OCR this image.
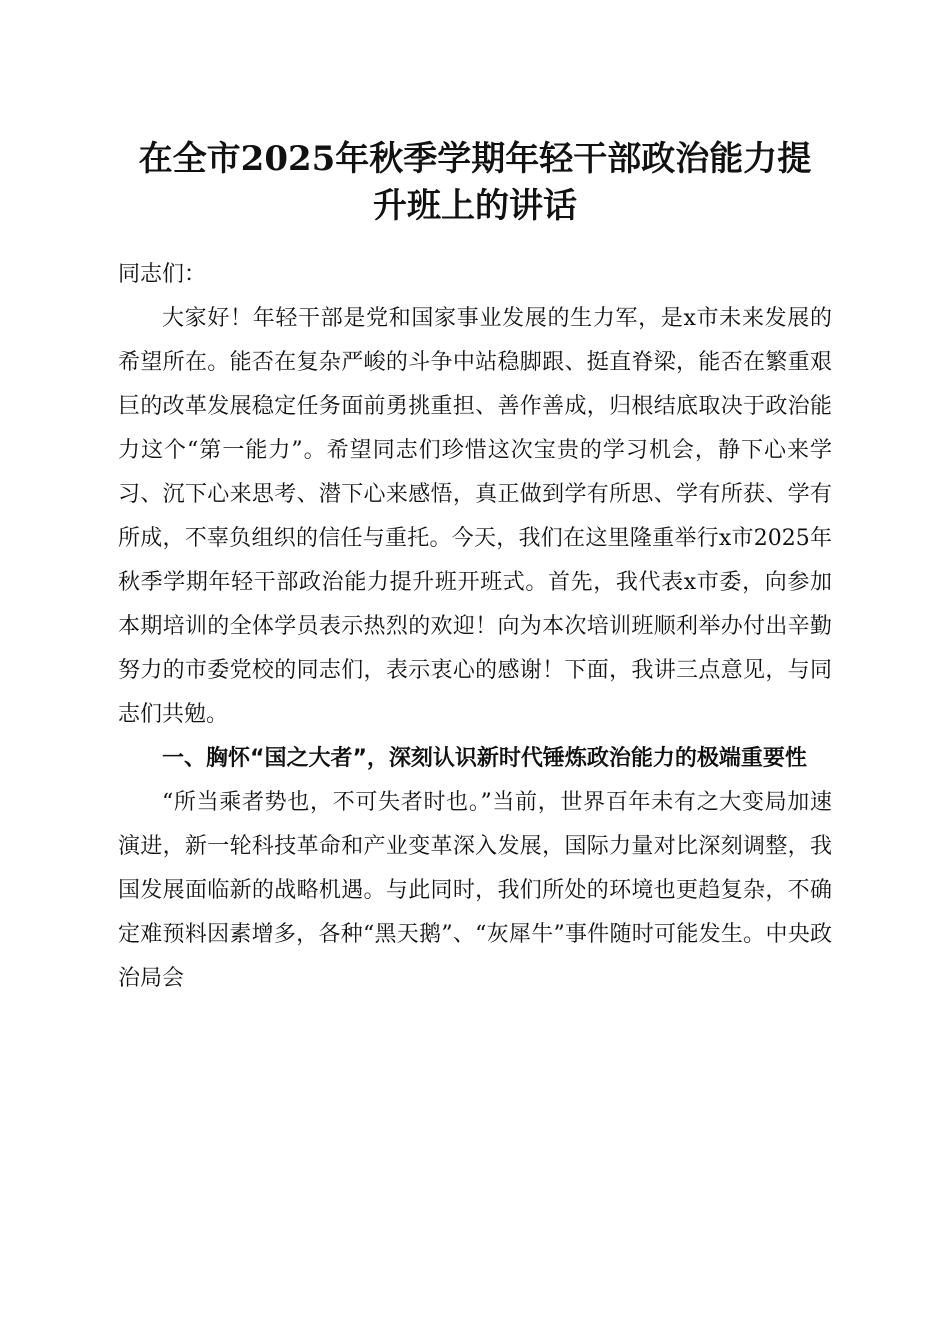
在全市2025年秋季学期年轻干部政治能力提
升班上的讲话

同志们：

大家好！年轻干部是党和国家事业发展的生力军，是x市未来发展的希望所在。能否在复杂严峻的斗争中站稳脚跟、挺直脊梁，能否在繁重艰巨的改革发展稳定任务面前勇挑重担、善作善成，归根结底取决于政治能力这个“第一能力”。希望同志们珍惜这次宝贵的学习机会，静下心来学习、沉下心来思考、潜下心来感悟，真正做到学有所思、学有所获、学有所成，不辜负组织的信任与重托。今天，我们在这里隆重举行x市2025年秋季学期年轻干部政治能力提升班开班式。首先，我代表x市委，向参加本期培训的全体学员表示热烈的欢迎！向为本次培训班顺利举办付出辛勤努力的市委党校的同志们，表示衷心的感谢！下面，我讲三点意见，与同志们共勉。

一、胸怀“国之大者”，深刻认识新时代锤炼政治能力的极端重要性

“所当乘者势也，不可失者时也。”当前，世界百年未有之大变局加速演进，新一轮科技革命和产业变革深入发展，国际力量对比深刻调整，我国发展面临新的战略机遇。与此同时，我们所处的环境也更趋复杂，不确定难预料因素增多，各种“黑天鹅”、“灰犀牛”事件随时可能发生。中央政治局会
